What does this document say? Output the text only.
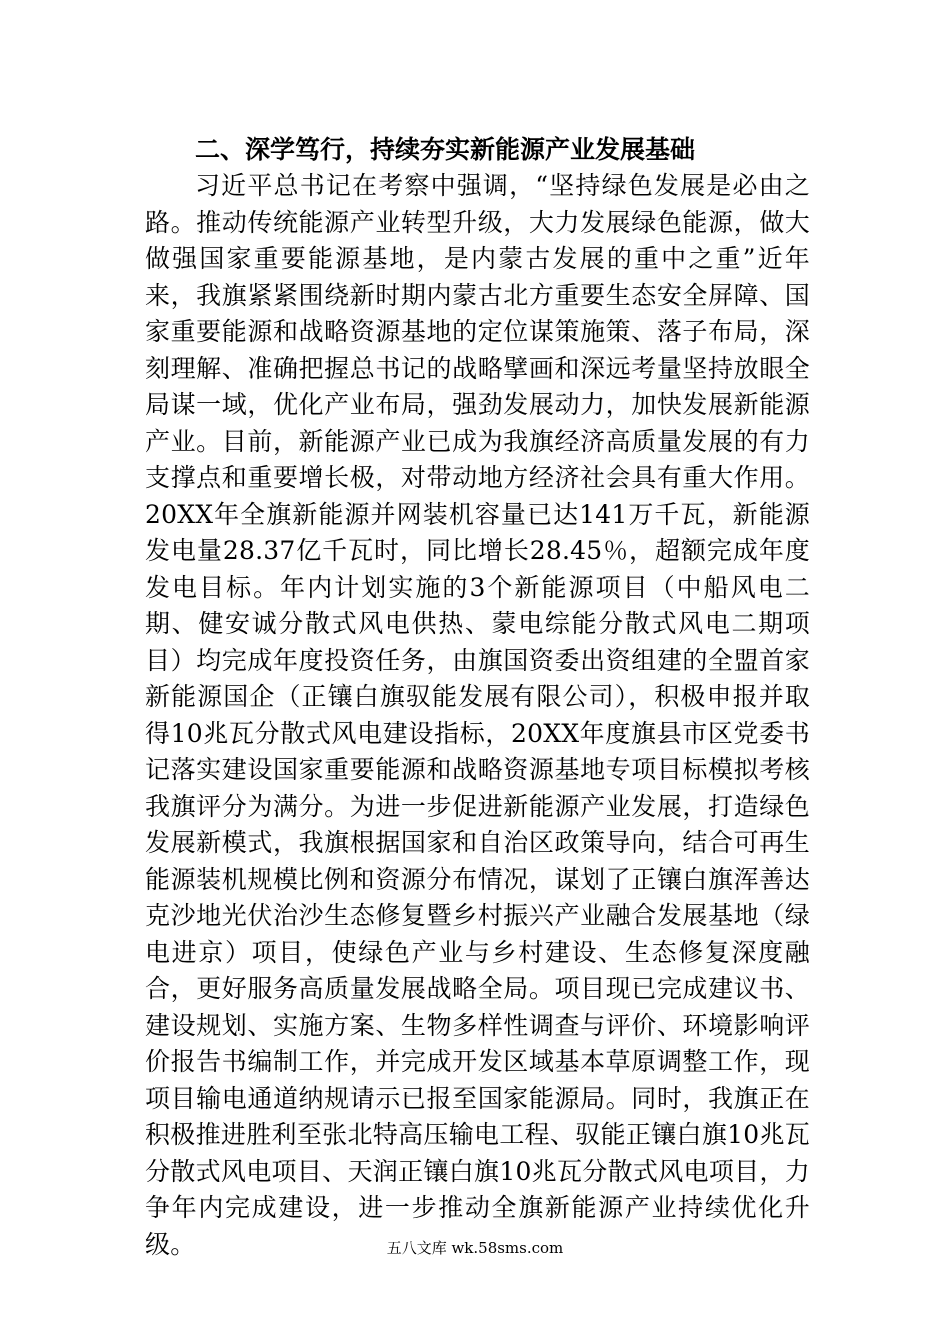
二、深学笃行，持续夯实新能源产业发展基础

习近平总书记在考察中强调，“坚持绿色发展是必由之路。推动传统能源产业转型升级，大力发展绿色能源，做大做强国家重要能源基地，是内蒙古发展的重中之重”近年来，我旗紧紧围绕新时期内蒙古北方重要生态安全屏障、国家重要能源和战略资源基地的定位谋策施策、落子布局，深刻理解、准确把握总书记的战略擘画和深远考量坚持放眼全局谋一域，优化产业布局，强劲发展动力，加快发展新能源产业。目前，新能源产业已成为我旗经济高质量发展的有力支撑点和重要增长极，对带动地方经济社会具有重大作用。20XX年全旗新能源并网装机容量已达141万千瓦，新能源发电量28.37亿千瓦时，同比增长28.45％，超额完成年度发电目标。年内计划实施的3个新能源项目（中船风电二期、健安诚分散式风电供热、蒙电综能分散式风电二期项目）均完成年度投资任务，由旗国资委出资组建的全盟首家新能源国企（正镶白旗驭能发展有限公司），积极申报并取得10兆瓦分散式风电建设指标，20XX年度旗县市区党委书记落实建设国家重要能源和战略资源基地专项目标模拟考核我旗评分为满分。为进一步促进新能源产业发展，打造绿色发展新模式，我旗根据国家和自治区政策导向，结合可再生能源装机规模比例和资源分布情况，谋划了正镶白旗浑善达克沙地光伏治沙生态修复暨乡村振兴产业融合发展基地（绿电进京）项目，使绿色产业与乡村建设、生态修复深度融合，更好服务高质量发展战略全局。项目现已完成建议书、建设规划、实施方案、生物多样性调查与评价、环境影响评价报告书编制工作，并完成开发区域基本草原调整工作，现项目输电通道纳规请示已报至国家能源局。同时，我旗正在积极推进胜利至张北特高压输电工程、驭能正镶白旗10兆瓦分散式风电项目、天润正镶白旗10兆瓦分散式风电项目，力争年内完成建设，进一步推动全旗新能源产业持续优化升级。	五八文库 wk.58sms.com
